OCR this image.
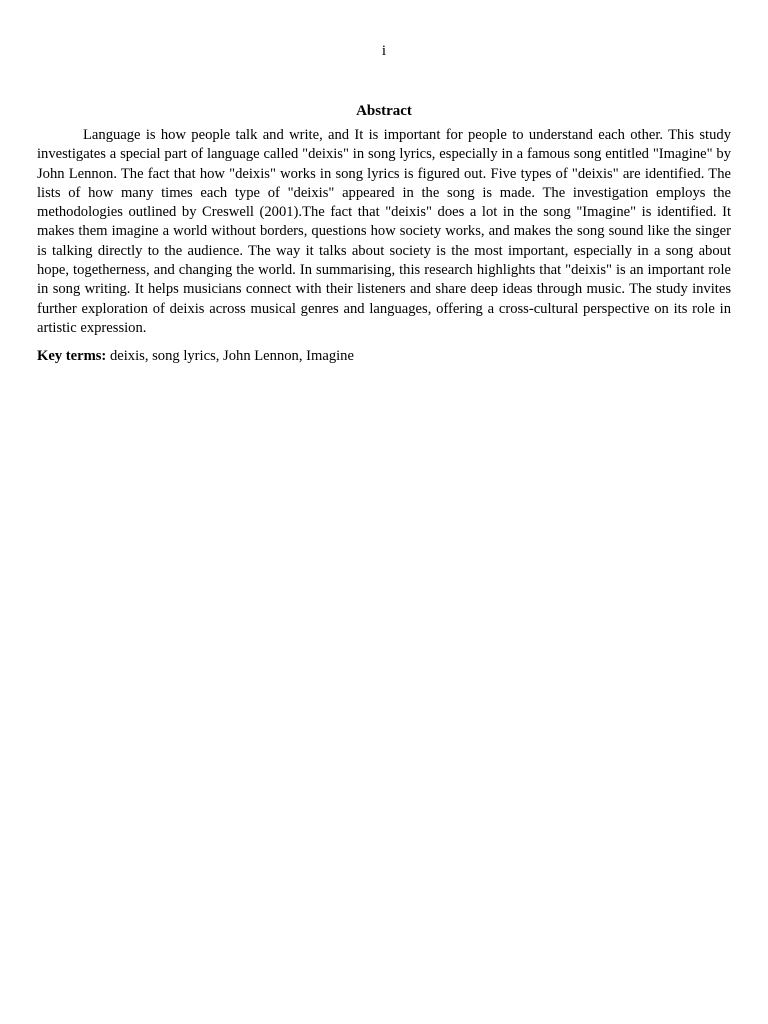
i
Abstract

Language is how people talk and write, and It is important for people to understand each other. This study investigates a special part of language called "deixis" in song lyrics, especially in a famous song entitled "Imagine" by John Lennon. The fact that how "deixis" works in song lyrics is figured out. Five types of "deixis" are identified. The lists of how many times each type of "deixis" appeared in the song is made. The investigation employs the methodologies outlined by Creswell (2001).The fact that "deixis" does a lot in the song "Imagine" is identified. It makes them imagine a world without borders, questions how society works, and makes the song sound like the singer is talking directly to the audience. The way it talks about society is the most important, especially in a song about hope, togetherness, and changing the world. In summarising, this research highlights that "deixis" is an important role in song writing. It helps musicians connect with their listeners and share deep ideas through music. The study invites further exploration of deixis across musical genres and languages, offering a cross-cultural perspective on its role in artistic expression.

Key terms: deixis, song lyrics, John Lennon, Imagine
